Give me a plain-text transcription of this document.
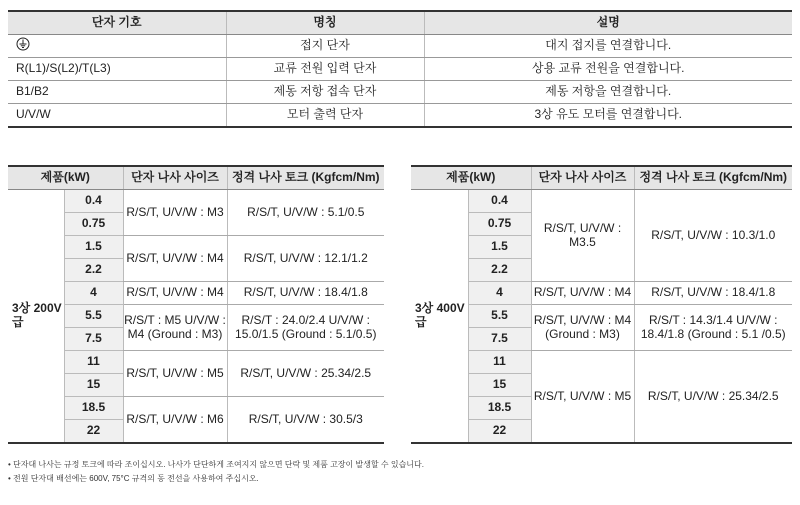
단자 기호	명칭	설명
	접지 단자	대지 접지를 연결합니다.
R(L1)/S(L2)/T(L3)	교류 전원 입력 단자	상용 교류 전원을 연결합니다.
B1/B2	제동 저항 접속 단자	제동 저항을 연결합니다.
U/V/W	모터 출력 단자	3상 유도 모터를 연결합니다.
제품(kW)		단자 나사 사이즈	정격 나사 토크 (Kgfcm/Nm)
3상 200V급	0.4	R/S/T, U/V/W : M3	R/S/T, U/V/W : 5.1/0.5
	0.75		
	1.5	R/S/T, U/V/W : M4	R/S/T, U/V/W : 12.1/1.2
	2.2		
	4	R/S/T, U/V/W : M4	R/S/T, U/V/W : 18.4/1.8
	5.5	R/S/T : M5 U/V/W : M4 (Ground : M3)	R/S/T : 24.0/2.4 U/V/W : 15.0/1.5 (Ground : 5.1/0.5)
	7.5		
	11	R/S/T, U/V/W : M5	R/S/T, U/V/W : 25.34/2.5
	15		
	18.5	R/S/T, U/V/W : M6	R/S/T, U/V/W : 30.5/3
	22		
제품(kW)		단자 나사 사이즈	정격 나사 토크 (Kgfcm/Nm)
3상 400V급	0.4	R/S/T, U/V/W : M3.5	R/S/T, U/V/W : 10.3/1.0
	0.75		
	1.5		
	2.2		
	4	R/S/T, U/V/W : M4	R/S/T, U/V/W : 18.4/1.8
	5.5	R/S/T, U/V/W : M4 (Ground : M3)	R/S/T : 14.3/1.4 U/V/W : 18.4/1.8 (Ground : 5.1 /0.5)
	7.5		
	11	R/S/T, U/V/W : M5	R/S/T, U/V/W : 25.34/2.5
	15		
	18.5		
	22		
• 단자대 나사는 규정 토크에 따라 조이십시오. 나사가 단단하게 조여지지 않으면 단락 및 제품 고장이 발생할 수 있습니다.
• 전원 단자대 배선에는 600V, 75°C 규격의 동 전선을 사용하여 주십시오.
